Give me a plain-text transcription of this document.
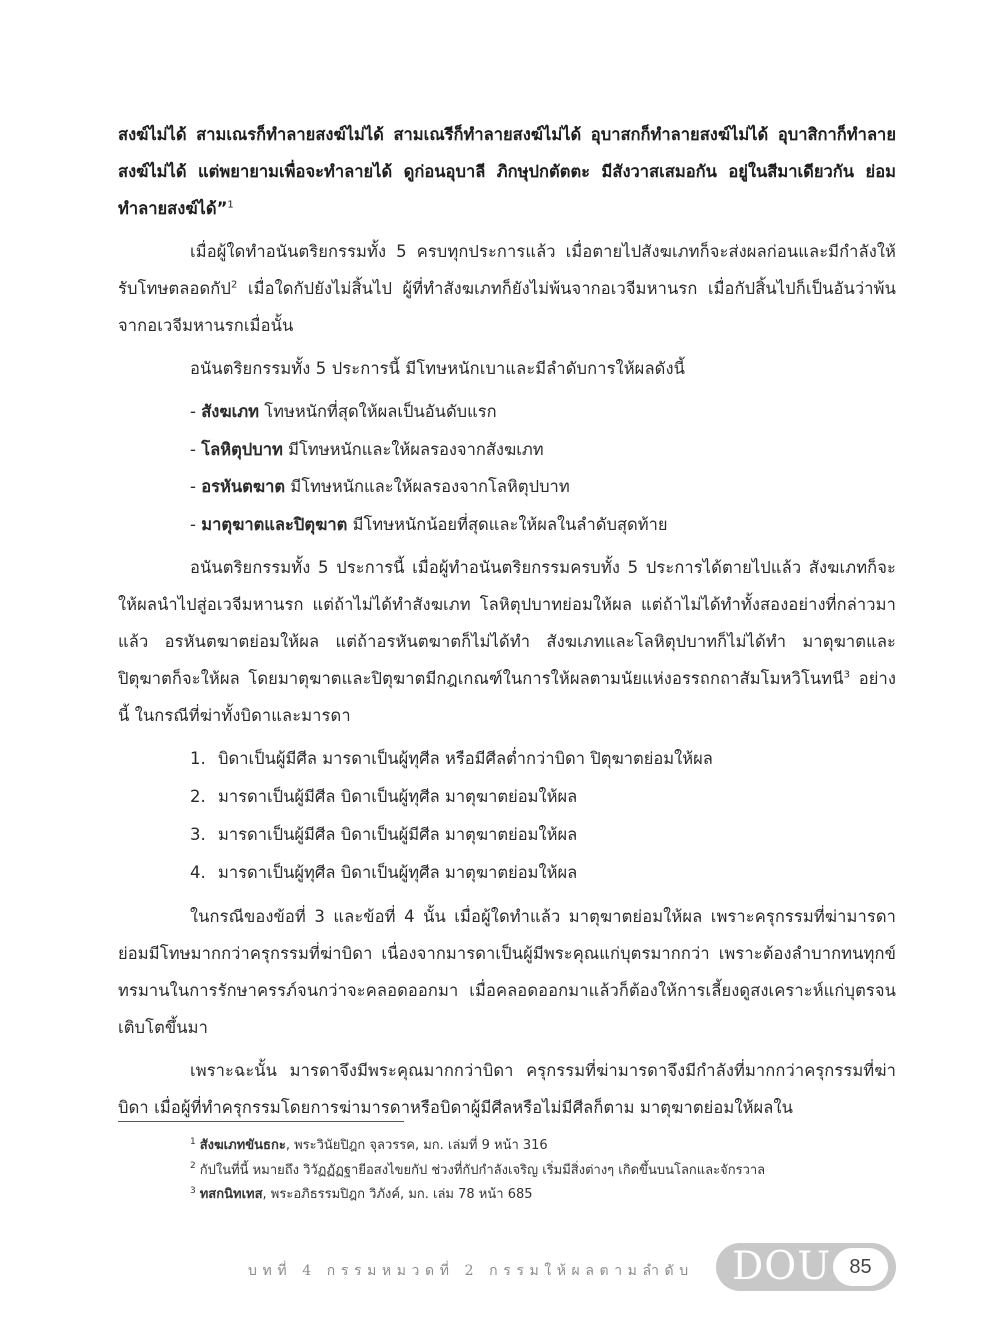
สงฆ์ไม่ได้ สามเณรก็ทำลายสงฆ์ไม่ได้ สามเณรีก็ทำลายสงฆ์ไม่ได้ อุบาสกก็ทำลายสงฆ์ไม่ได้ อุบาสิกาก็ทำลายสงฆ์ไม่ได้ แต่พยายามเพื่อจะทำลายได้ ดูก่อนอุบาลี ภิกษุปกตัตตะ มีสังวาสเสมอกัน อยู่ในสีมาเดียวกัน ย่อมทำลายสงฆ์ได้”$^1$

เมื่อผู้ใดทำอนันตริยกรรมทั้ง 5 ครบทุกประการแล้ว เมื่อตายไปสังฆเภทก็จะส่งผลก่อนและมีกำลังให้รับโทษตลอดกัป$^2$ เมื่อใดกัปยังไม่สิ้นไป ผู้ที่ทำสังฆเภทก็ยังไม่พ้นจากอเวจีมหานรก เมื่อกัปสิ้นไปก็เป็นอันว่าพ้นจากอเวจีมหานรกเมื่อนั้น

อนันตริยกรรมทั้ง 5 ประการนี้ มีโทษหนักเบาและมีลำดับการให้ผลดังนี้

- สังฆเภท โทษหนักที่สุดให้ผลเป็นอันดับแรก

- โลหิตุปบาท มีโทษหนักและให้ผลรองจากสังฆเภท

- อรหันตฆาต มีโทษหนักและให้ผลรองจากโลหิตุปบาท

- มาตุฆาตและปิตุฆาต มีโทษหนักน้อยที่สุดและให้ผลในลำดับสุดท้าย

อนันตริยกรรมทั้ง 5 ประการนี้ เมื่อผู้ทำอนันตริยกรรมครบทั้ง 5 ประการได้ตายไปแล้ว สังฆเภทก็จะให้ผลนำไปสู่อเวจีมหานรก แต่ถ้าไม่ได้ทำสังฆเภท โลหิตุปบาทย่อมให้ผล แต่ถ้าไม่ได้ทำทั้งสองอย่างที่กล่าวมาแล้ว อรหันตฆาตย่อมให้ผล แต่ถ้าอรหันตฆาตก็ไม่ได้ทำ สังฆเภทและโลหิตุปบาทก็ไม่ได้ทำ มาตุฆาตและปิตุฆาตก็จะให้ผล โดยมาตุฆาตและปิตุฆาตมีกฎเกณฑ์ในการให้ผลตามนัยแห่งอรรถกถาสัมโมหวิโนทนี$^3$ อย่างนี้ ในกรณีที่ฆ่าทั้งบิดาและมารดา

1. บิดาเป็นผู้มีศีล มารดาเป็นผู้ทุศีล หรือมีศีลต่ำกว่าบิดา ปิตุฆาตย่อมให้ผล

2. มารดาเป็นผู้มีศีล บิดาเป็นผู้ทุศีล มาตุฆาตย่อมให้ผล

3. มารดาเป็นผู้มีศีล บิดาเป็นผู้มีศีล มาตุฆาตย่อมให้ผล

4. มารดาเป็นผู้ทุศีล บิดาเป็นผู้ทุศีล มาตุฆาตย่อมให้ผล

ในกรณีของข้อที่ 3 และข้อที่ 4 นั้น เมื่อผู้ใดทำแล้ว มาตุฆาตย่อมให้ผล เพราะครุกรรมที่ฆ่ามารดาย่อมมีโทษมากกว่าครุกรรมที่ฆ่าบิดา เนื่องจากมารดาเป็นผู้มีพระคุณแก่บุตรมากกว่า เพราะต้องลำบากทนทุกข์ทรมานในการรักษาครรภ์จนกว่าจะคลอดออกมา เมื่อคลอดออกมาแล้วก็ต้องให้การเลี้ยงดูสงเคราะห์แก่บุตรจนเติบโตขึ้นมา

เพราะฉะนั้น มารดาจึงมีพระคุณมากกว่าบิดา ครุกรรมที่ฆ่ามารดาจึงมีกำลังที่มากกว่าครุกรรมที่ฆ่าบิดา เมื่อผู้ที่ทำครุกรรมโดยการฆ่ามารดาหรือบิดาผู้มีศีลหรือไม่มีศีลก็ตาม มาตุฆาตย่อมให้ผลใน

$^1$ สังฆเภทขันธกะ, พระวินัยปิฎก จุลวรรค, มก. เล่มที่ 9 หน้า 316

$^2$ กัปในที่นี้ หมายถึง วิวัฏฏัฏฐายีอสงไขยกัป ช่วงที่กัปกำลังเจริญ เริ่มมีสิ่งต่างๆ เกิดขึ้นบนโลกและจักรวาล

$^3$ ทสกนิทเทส, พระอภิธรรมปิฎก วิภังค์, มก. เล่ม 78 หน้า 685

บทที่ 4 กรรมหมวดที่ 2 กรรมให้ผลตามลำดับ DOU 85
